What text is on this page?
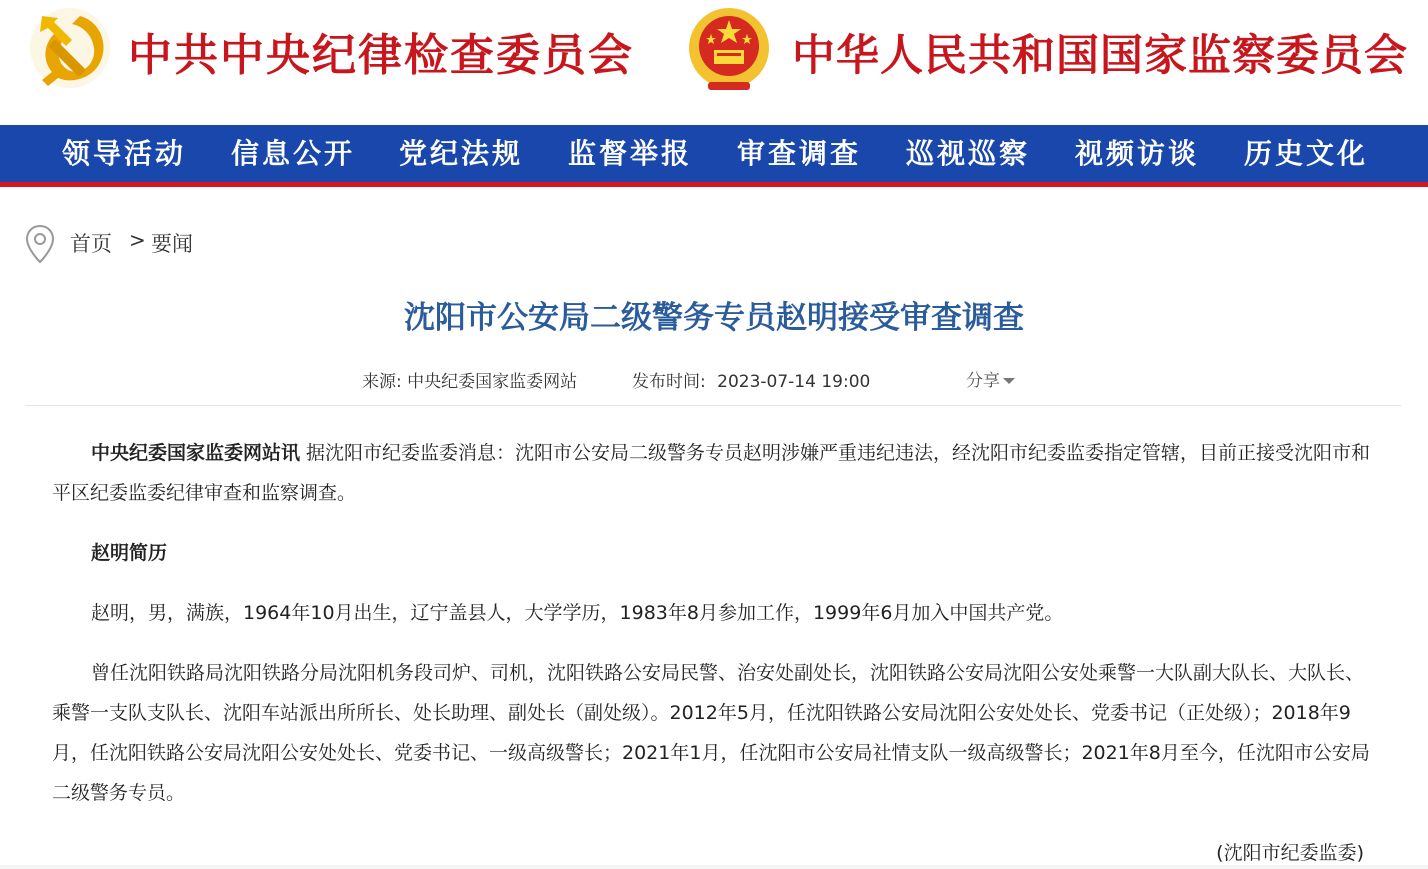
中共中央纪律检查委员会	中华人民共和国国家监察委员会
领导活动 信息公开 党纪法规 监督举报 审查调查 巡视巡察 视频访谈 历史文化
首页 > 要闻
沈阳市公安局二级警务专员赵明接受审查调查
来源: 中央纪委国家监委网站	发布时间: 2023-07-14 19:00	分享

中央纪委国家监委网站讯 据沈阳市纪委监委消息：沈阳市公安局二级警务专员赵明涉嫌严重违纪违法，经沈阳市纪委监委指定管辖，目前正接受沈阳市和平区纪委监委纪律审查和监察调查。

赵明简历

赵明，男，满族，1964年10月出生，辽宁盖县人，大学学历，1983年8月参加工作，1999年6月加入中国共产党。

曾任沈阳铁路局沈阳铁路分局沈阳机务段司炉、司机，沈阳铁路公安局民警、治安处副处长，沈阳铁路公安局沈阳公安处乘警一大队副大队长、大队长、乘警一支队支队长、沈阳车站派出所所长、处长助理、副处长（副处级）。2012年5月，任沈阳铁路公安局沈阳公安处处长、党委书记（正处级）；2018年9月，任沈阳铁路公安局沈阳公安处处长、党委书记、一级高级警长；2021年1月，任沈阳市公安局社情支队一级高级警长；2021年8月至今，任沈阳市公安局二级警务专员。

(沈阳市纪委监委)
